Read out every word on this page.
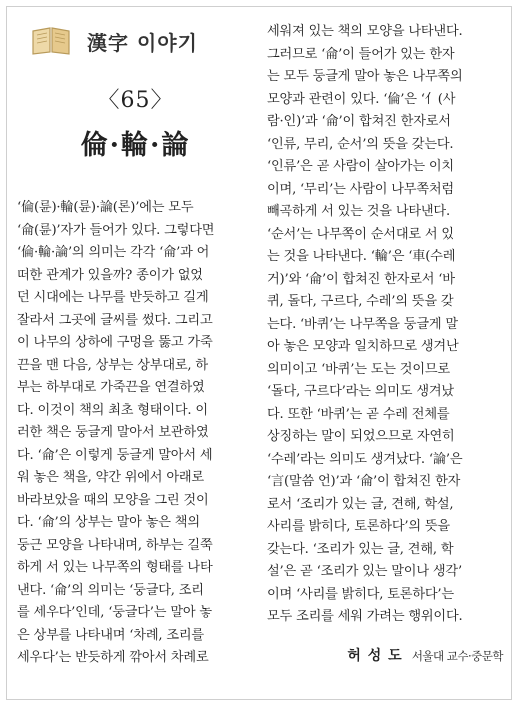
漢字 이야기
〈65〉
倫·輪·論
‘倫(륜)·輪(륜)·論(론)’에는 모두
‘侖(륜)’자가 들어가 있다. 그렇다면
‘倫·輪·論’의 의미는 각각 ‘侖’과 어
떠한 관계가 있을까? 종이가 없었
던 시대에는 나무를 반듯하고 길게
잘라서 그곳에 글씨를 썼다. 그리고
이 나무의 상하에 구멍을 뚫고 가죽
끈을 맨 다음, 상부는 상부대로, 하
부는 하부대로 가죽끈을 연결하였
다. 이것이 책의 최초 형태이다. 이
러한 책은 둥글게 말아서 보관하였
다. ‘侖’은 이렇게 둥글게 말아서 세
워 놓은 책을, 약간 위에서 아래로
바라보았을 때의 모양을 그린 것이
다. ‘侖’의 상부는 말아 놓은 책의
둥근 모양을 나타내며, 하부는 길쭉
하게 서 있는 나무쪽의 형태를 나타
낸다. ‘侖’의 의미는 ‘둥글다, 조리
를 세우다’인데, ‘둥글다’는 말아 놓
은 상부를 나타내며 ‘차례, 조리를
세우다’는 반듯하게 깎아서 차례로
세워져 있는 책의 모양을 나타낸다.
그러므로 ‘侖’이 들어가 있는 한자
는 모두 둥글게 말아 놓은 나무쪽의
모양과 관련이 있다. ‘倫’은 ‘亻(사
람·인)’과 ‘侖’이 합쳐진 한자로서
‘인류, 무리, 순서’의 뜻을 갖는다.
‘인류’은 곧 사람이 살아가는 이치
이며, ‘무리’는 사람이 나무쪽처럼
빼곡하게 서 있는 것을 나타낸다.
‘순서’는 나무쪽이 순서대로 서 있
는 것을 나타낸다. ‘輪’은 ‘車(수레
거)’와 ‘侖’이 합쳐진 한자로서 ‘바
퀴, 돌다, 구르다, 수레’의 뜻을 갖
는다. ‘바퀴’는 나무쪽을 둥글게 말
아 놓은 모양과 일치하므로 생겨난
의미이고 ‘바퀴’는 도는 것이므로
‘돌다, 구르다’라는 의미도 생겨났
다. 또한 ‘바퀴’는 곧 수레 전체를
상징하는 말이 되었으므로 자연히
‘수레’라는 의미도 생겨났다. ‘論’은
‘言(말씀 언)’과 ‘侖’이 합쳐진 한자
로서 ‘조리가 있는 글, 견해, 학설,
사리를 밝히다, 토론하다’의 뜻을
갖는다. ‘조리가 있는 글, 견해, 학
설’은 곧 ‘조리가 있는 말이나 생각’
이며 ‘사리를 밝히다, 토론하다’는
모두 조리를 세워 가려는 행위이다.
허 성 도 서울대 교수·중문학
